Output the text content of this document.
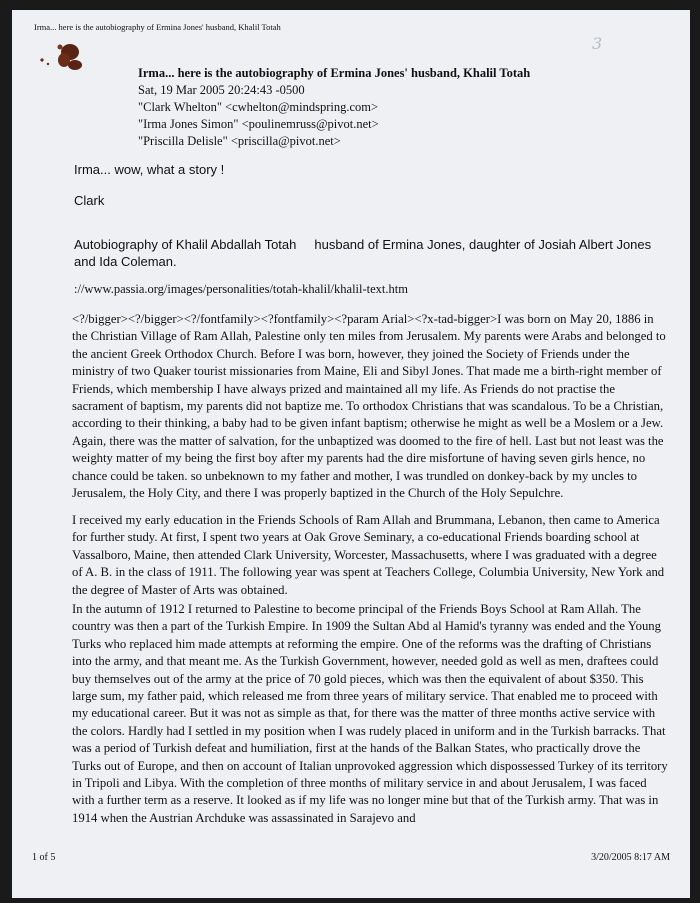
Irma... here is the autobiography of Ermina Jones' husband, Khalil Totah
3
Irma... here is the autobiography of Ermina Jones' husband, Khalil Totah
Sat, 19 Mar 2005 20:24:43 -0500
"Clark Whelton" <cwhelton@mindspring.com>
"Irma Jones Simon" <poulinemruss@pivot.net>
"Priscilla Delisle" <priscilla@pivot.net>
Irma... wow, what a story !
Clark
Autobiography of Khalil Abdallah Totah husband of Ermina Jones, daughter of Josiah Albert Jones and Ida Coleman.
://www.passia.org/images/personalities/totah-khalil/khalil-text.htm

<?/bigger><?/bigger><?/fontfamily><?fontfamily><?param Arial><?x-tad-bigger>I was born on May 20, 1886 in the Christian Village of Ram Allah, Palestine only ten miles from Jerusalem. My parents were Arabs and belonged to the ancient Greek Orthodox Church. Before I was born, however, they joined the Society of Friends under the ministry of two Quaker tourist missionaries from Maine, Eli and Sibyl Jones. That made me a birth-right member of Friends, which membership I have always prized and maintained all my life. As Friends do not practise the sacrament of baptism, my parents did not baptize me. To orthodox Christians that was scandalous. To be a Christian, according to their thinking, a baby had to be given infant baptism; otherwise he might as well be a Moslem or a Jew. Again, there was the matter of salvation, for the unbaptized was doomed to the fire of hell. Last but not least was the weighty matter of my being the first boy after my parents had the dire misfortune of having seven girls hence, no chance could be taken. so unbeknown to my father and mother, I was trundled on donkey-back by my uncles to Jerusalem, the Holy City, and there I was properly baptized in the Church of the Holy Sepulchre.

I received my early education in the Friends Schools of Ram Allah and Brummana, Lebanon, then came to America for further study. At first, I spent two years at Oak Grove Seminary, a co-educational Friends boarding school at Vassalboro, Maine, then attended Clark University, Worcester, Massachusetts, where I was graduated with a degree of A. B. in the class of 1911. The following year was spent at Teachers College, Columbia University, New York and the degree of Master of Arts was obtained.

In the autumn of 1912 I returned to Palestine to become principal of the Friends Boys School at Ram Allah. The country was then a part of the Turkish Empire. In 1909 the Sultan Abd al Hamid's tyranny was ended and the Young Turks who replaced him made attempts at reforming the empire. One of the reforms was the drafting of Christians into the army, and that meant me. As the Turkish Government, however, needed gold as well as men, draftees could buy themselves out of the army at the price of 70 gold pieces, which was then the equivalent of about $350. This large sum, my father paid, which released me from three years of military service. That enabled me to proceed with my educational career. But it was not as simple as that, for there was the matter of three months active service with the colors. Hardly had I settled in my position when I was rudely placed in uniform and in the Turkish barracks. That was a period of Turkish defeat and humiliation, first at the hands of the Balkan States, who practically drove the Turks out of Europe, and then on account of Italian unprovoked aggression which dispossessed Turkey of its territory in Tripoli and Libya. With the completion of three months of military service in and about Jerusalem, I was faced with a further term as a reserve. It looked as if my life was no longer mine but that of the Turkish army. That was in 1914 when the Austrian Archduke was assassinated in Sarajevo and

1 of 5	3/20/2005 8:17 AM
